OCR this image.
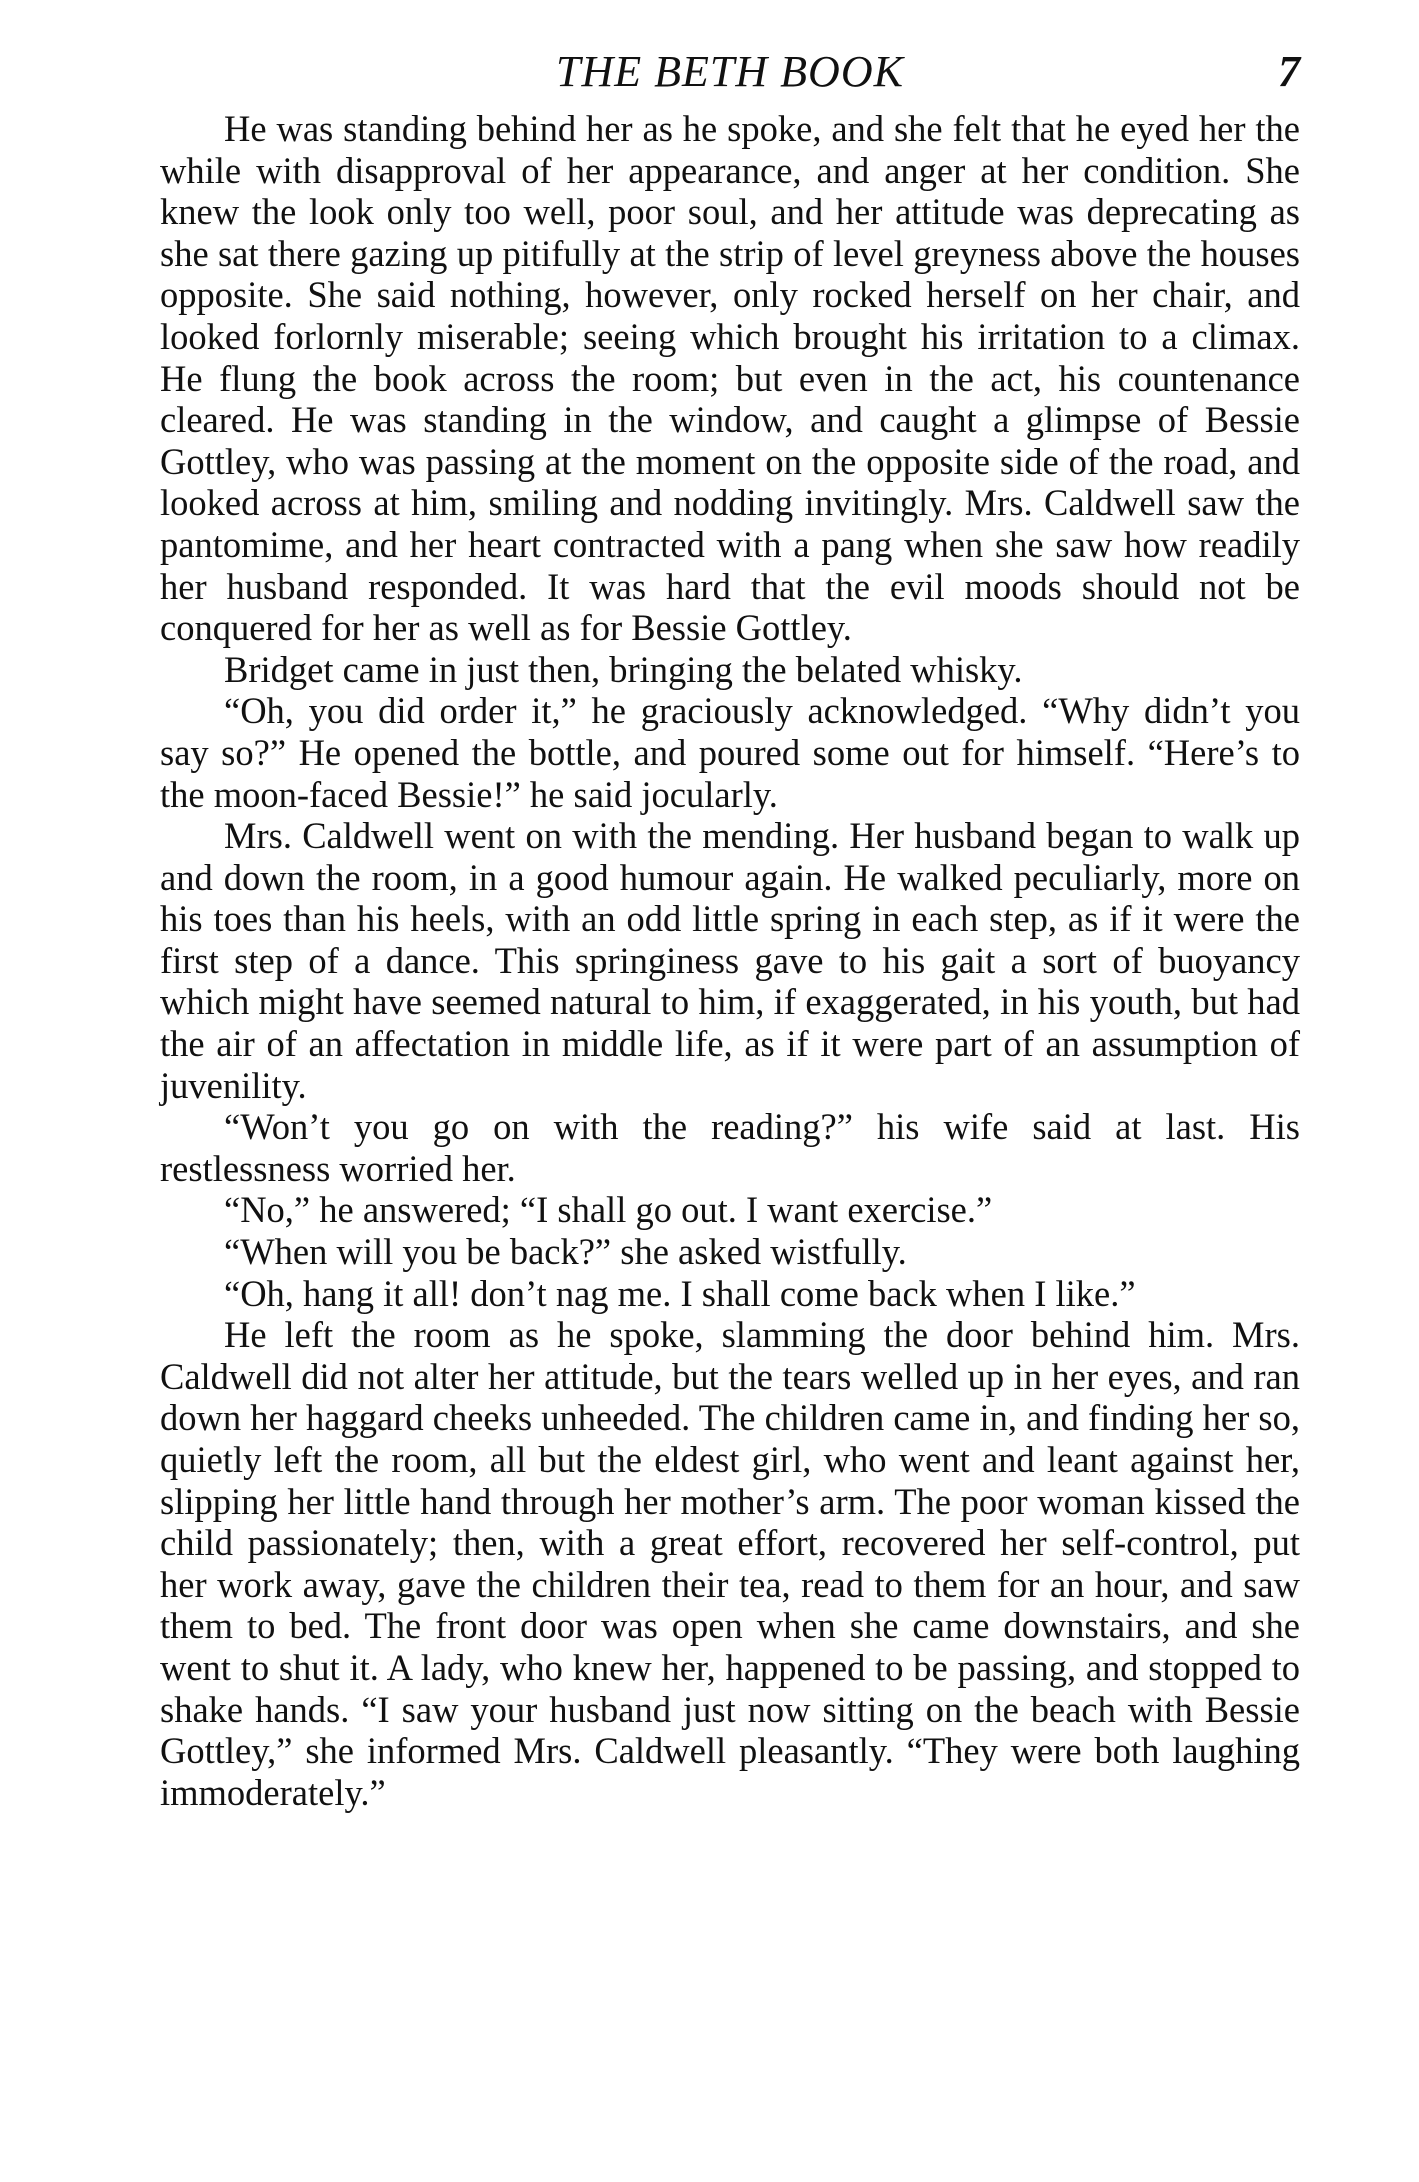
THE BETH BOOK	7

He was standing behind her as he spoke, and she felt that he eyed her the while with disapproval of her appearance, and anger at her condition. She knew the look only too well, poor soul, and her attitude was deprecating as she sat there gazing up pitifully at the strip of level greyness above the houses opposite. She said nothing, however, only rocked herself on her chair, and looked forlornly miserable; seeing which brought his irritation to a climax. He flung the book across the room; but even in the act, his countenance cleared. He was standing in the window, and caught a glimpse of Bessie Gottley, who was passing at the moment on the opposite side of the road, and looked across at him, smiling and nodding invitingly. Mrs. Caldwell saw the pantomime, and her heart contracted with a pang when she saw how readily her husband responded. It was hard that the evil moods should not be conquered for her as well as for Bessie Gottley.

Bridget came in just then, bringing the belated whisky.

“Oh, you did order it,” he graciously acknowledged. “Why didn’t you say so?” He opened the bottle, and poured some out for himself. “Here’s to the moon-faced Bessie!” he said jocularly.

Mrs. Caldwell went on with the mending. Her husband began to walk up and down the room, in a good humour again. He walked peculiarly, more on his toes than his heels, with an odd little spring in each step, as if it were the first step of a dance. This springiness gave to his gait a sort of buoyancy which might have seemed natural to him, if exaggerated, in his youth, but had the air of an affectation in middle life, as if it were part of an assumption of juvenility.

“Won’t you go on with the reading?” his wife said at last. His restlessness worried her.

“No,” he answered; “I shall go out. I want exercise.”

“When will you be back?” she asked wistfully.

“Oh, hang it all! don’t nag me. I shall come back when I like.”

He left the room as he spoke, slamming the door behind him. Mrs. Caldwell did not alter her attitude, but the tears welled up in her eyes, and ran down her haggard cheeks unheeded. The children came in, and finding her so, quietly left the room, all but the eldest girl, who went and leant against her, slipping her little hand through her mother’s arm. The poor woman kissed the child passionately; then, with a great effort, recovered her self-control, put her work away, gave the children their tea, read to them for an hour, and saw them to bed. The front door was open when she came downstairs, and she went to shut it. A lady, who knew her, happened to be passing, and stopped to shake hands. “I saw your husband just now sitting on the beach with Bessie Gottley,” she informed Mrs. Caldwell pleasantly. “They were both laughing immoderately.”
